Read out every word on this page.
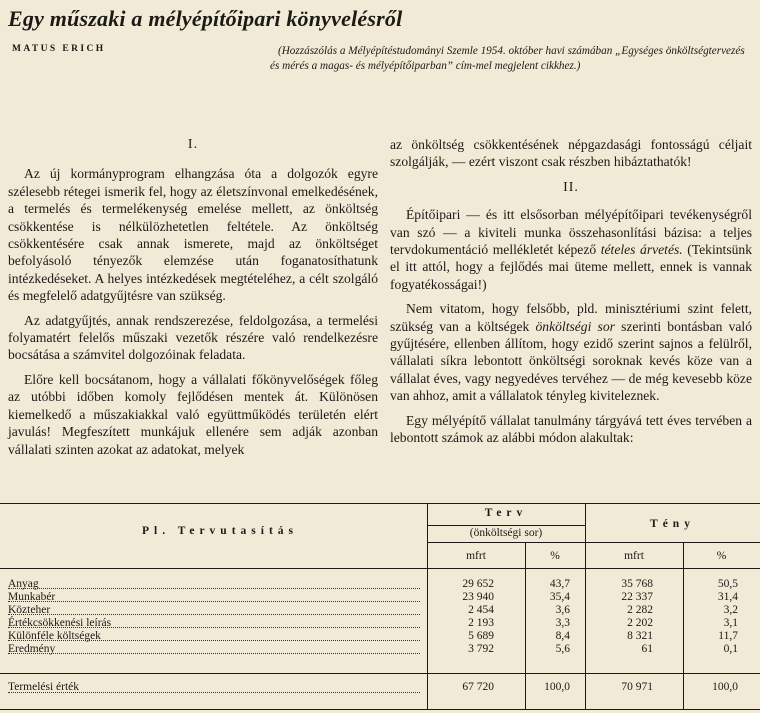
Egy műszaki a mélyépítőipari könyvelésről
MATUS ERICH	(Hozzászólás a Mélyépítéstudományi Szemle 1954. október havi számában „Egységes önköltségtervezés és mérés a magas- és mélyépítőiparban” cím-mel megjelent cikkhez.)

I.

Az új kormányprogram elhangzása óta a dolgozók egyre szélesebb rétegei ismerik fel, hogy az életszínvonal emelkedésének, a termelés és termelékenység emelése mellett, az önköltség csökkentése is nélkülözhetetlen feltétele. Az önköltség csökkentésére csak annak ismerete, majd az önköltséget befolyásoló tényezők elemzése után foganatosíthatunk intézkedéseket. A helyes intézkedések megtételéhez, a célt szolgáló és megfelelő adatgyűjtésre van szükség.

Az adatgyűjtés, annak rendszerezése, feldolgozása, a termelési folyamatért felelős műszaki vezetők részére való rendelkezésre bocsátása a számvitel dolgozóinak feladata.

Előre kell bocsátanom, hogy a vállalati főkönyvelőségek főleg az utóbbi időben komoly fejlődésen mentek át. Különösen kiemelkedő a műszakiakkal való együttműködés területén elért javulás! Megfeszített munkájuk ellenére sem adják azonban vállalati szinten azokat az adatokat, melyek

az önköltség csökkentésének népgazdasági fontosságú céljait szolgálják, — ezért viszont csak részben hibáztathatók!

II.

Építőipari — és itt elsősorban mélyépítőipari tevékenységről van szó — a kiviteli munka összehasonlítási bázisa: a teljes tervdokumentáció mellékletét képező tételes árvetés. (Tekintsünk el itt attól, hogy a fejlődés mai üteme mellett, ennek is vannak fogyatékosságai!)

Nem vitatom, hogy felsőbb, pld. minisztériumi szint felett, szükség van a költségek önköltségi sor szerinti bontásban való gyűjtésére, ellenben állítom, hogy ezidő szerint sajnos a felülről, vállalati síkra lebontott önköltségi soroknak kevés köze van a vállalat éves, vagy negyedéves tervéhez — de még kevesebb köze van ahhoz, amit a vállalatok tényleg kiviteleznek.

Egy mélyépítő vállalat tanulmány tárgyává tett éves tervében a lebontott számok az alábbi módon alakultak:

Pl. Tervutasítás
Terv
(önköltségi sor)
Tény
mfrt	%	mfrt	%
Anyag	29 652	43,7	35 768	50,5
Munkabér	23 940	35,4	22 337	31,4
Közteher	2 454	3,6	2 282	3,2
Értékcsökkenési leírás	2 193	3,3	2 202	3,1
Különféle költségek	5 689	8,4	8 321	11,7
Eredmény	3 792	5,6	61	0,1
Termelési érték	67 720	100,0	70 971	100,0
